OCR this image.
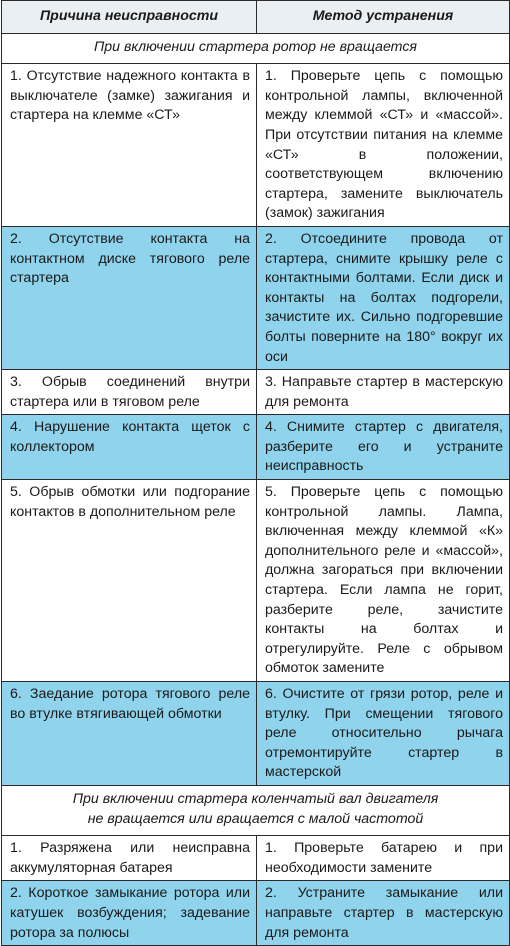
Причина неисправности	Метод устранения
При включении стартера ротор не вращается	
1. Отсутствие надежного контакта в выключателе (замке) зажигания и стартера на клемме «СТ»	1. Проверьте цепь с помощью контрольной лампы, включенной между клеммой «СТ» и «массой». При отсутствии питания на клемме «СТ» в положении, соответствующем включению стартера, замените выключатель (замок) зажигания
2. Отсутствие контакта на контактном диске тягового реле стартера	2. Отсоедините провода от стартера, снимите крышку реле с контактными болтами. Если диск и контакты на болтах подгорели, зачистите их. Сильно подгоревшие болты поверните на 180° вокруг их оси
3. Обрыв соединений внутри стартера или в тяговом реле	3. Направьте стартер в мастерскую для ремонта
4. Нарушение контакта щеток с коллектором	4. Снимите стартер с двигателя, разберите его и устраните неисправность
5. Обрыв обмотки или подгорание контактов в дополнительном реле	5. Проверьте цепь с помощью контрольной лампы. Лампа, включенная между клеммой «К» дополнительного реле и «массой», должна загораться при включении стартера. Если лампа не горит, разберите реле, зачистите контакты на болтах и отрегулируйте. Реле с обрывом обмоток замените
6. Заедание ротора тягового реле во втулке втягивающей обмотки	6. Очистите от грязи ротор, реле и втулку. При смещении тягового реле относительно рычага отремонтируйте стартер в мастерской
При включении стартера коленчатый вал двигателя
не вращается или вращается с малой частотой	
1. Разряжена или неисправна аккумуляторная батарея	1. Проверьте батарею и при необходимости замените
2. Короткое замыкание ротора или катушек возбуждения; задевание ротора за полюсы	2. Устраните замыкание или направьте стартер в мастерскую для ремонта
